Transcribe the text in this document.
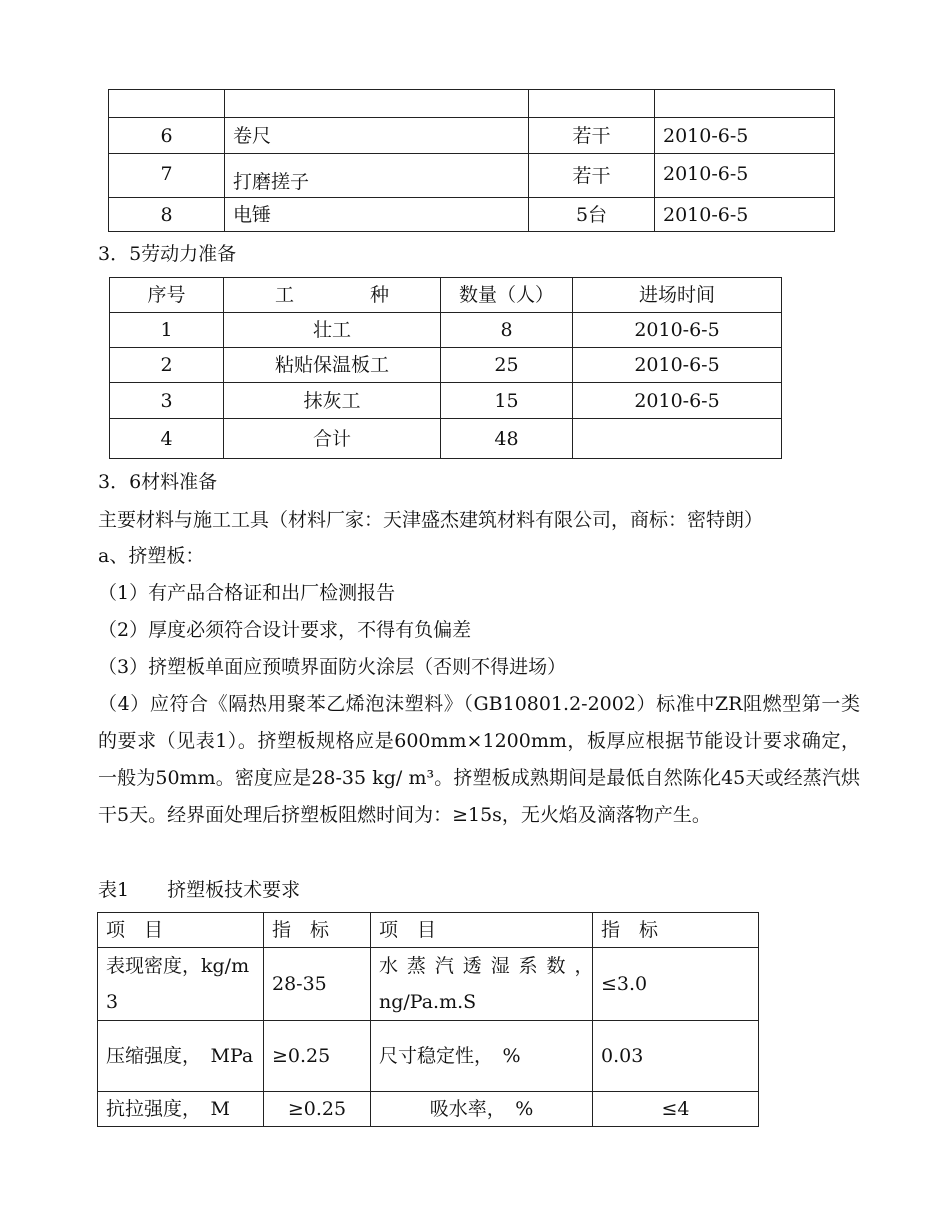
6	卷尺	若干	2010-6-5
7	打磨搓子	若干	2010-6-5
8	电锤	5台	2010-6-5
3．5劳动力准备
序号	工　　　　种	数量（人）	进场时间
1	壮工	8	2010-6-5
2	粘贴保温板工	25	2010-6-5
3	抹灰工	15	2010-6-5
4	合计	48	
3．6材料准备
主要材料与施工工具（材料厂家：天津盛杰建筑材料有限公司，商标：密特朗）
a、挤塑板：
（1）有产品合格证和出厂检测报告
（2）厚度必须符合设计要求，不得有负偏差
（3）挤塑板单面应预喷界面防火涂层（否则不得进场）
（4）应符合《隔热用聚苯乙烯泡沫塑料》（GB10801.2-2002）标准中ZR阻燃型第一类的要求（见表1）。挤塑板规格应是600mm×1200mm，板厚应根据节能设计要求确定，一般为50mm。密度应是28-35 kg/ m³。挤塑板成熟期间是最低自然陈化45天或经蒸汽烘干5天。经界面处理后挤塑板阻燃时间为：≥15s，无火焰及滴落物产生。
表1　　挤塑板技术要求
项　目	指　标	项　目	指　标
表现密度，kg/m3	28-35	水蒸汽透湿系数，　ng/Pa.m.S	≤3.0
压缩强度，　MPa	≥0.25	尺寸稳定性，　%	0.03
抗拉强度，　M	≥0.25	吸水率，　%	≤4
